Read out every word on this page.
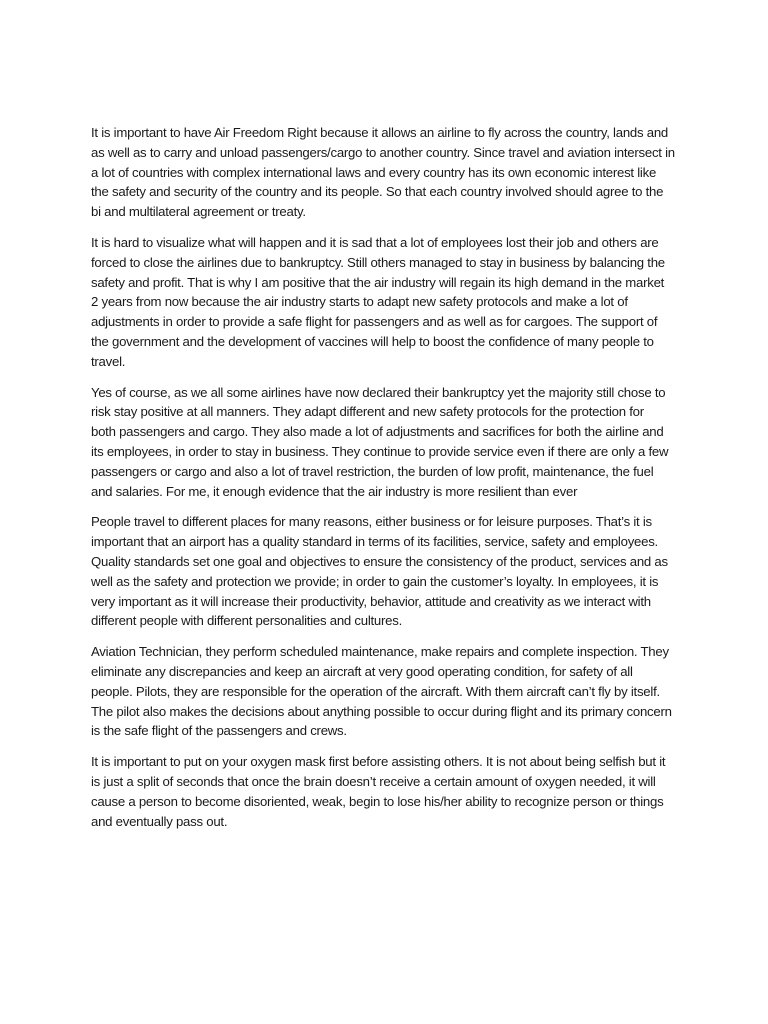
It is important to have Air Freedom Right because it allows an airline to fly across the country, lands and
as well as to carry and unload passengers/cargo to another country. Since travel and aviation intersect in
a lot of countries with complex international laws and every country has its own economic interest like
the safety and security of the country and its people. So that each country involved should agree to the
bi and multilateral agreement or treaty.

It is hard to visualize what will happen and it is sad that a lot of employees lost their job and others are
forced to close the airlines due to bankruptcy. Still others managed to stay in business by balancing the
safety and profit. That is why I am positive that the air industry will regain its high demand in the market
2 years from now because the air industry starts to adapt new safety protocols and make a lot of
adjustments in order to provide a safe flight for passengers and as well as for cargoes. The support of
the government and the development of vaccines will help to boost the confidence of many people to
travel.

Yes of course, as we all some airlines have now declared their bankruptcy yet the majority still chose to
risk stay positive at all manners. They adapt different and new safety protocols for the protection for
both passengers and cargo. They also made a lot of adjustments and sacrifices for both the airline and
its employees, in order to stay in business. They continue to provide service even if there are only a few
passengers or cargo and also a lot of travel restriction, the burden of low profit, maintenance, the fuel
and salaries. For me, it enough evidence that the air industry is more resilient than ever

People travel to different places for many reasons, either business or for leisure purposes. That’s it is
important that an airport has a quality standard in terms of its facilities, service, safety and employees.
Quality standards set one goal and objectives to ensure the consistency of the product, services and as
well as the safety and protection we provide; in order to gain the customer’s loyalty. In employees, it is
very important as it will increase their productivity, behavior, attitude and creativity as we interact with
different people with different personalities and cultures.

Aviation Technician, they perform scheduled maintenance, make repairs and complete inspection. They
eliminate any discrepancies and keep an aircraft at very good operating condition, for safety of all
people. Pilots, they are responsible for the operation of the aircraft. With them aircraft can’t fly by itself.
The pilot also makes the decisions about anything possible to occur during flight and its primary concern
is the safe flight of the passengers and crews.

It is important to put on your oxygen mask first before assisting others. It is not about being selfish but it
is just a split of seconds that once the brain doesn’t receive a certain amount of oxygen needed, it will
cause a person to become disoriented, weak, begin to lose his/her ability to recognize person or things
and eventually pass out.
